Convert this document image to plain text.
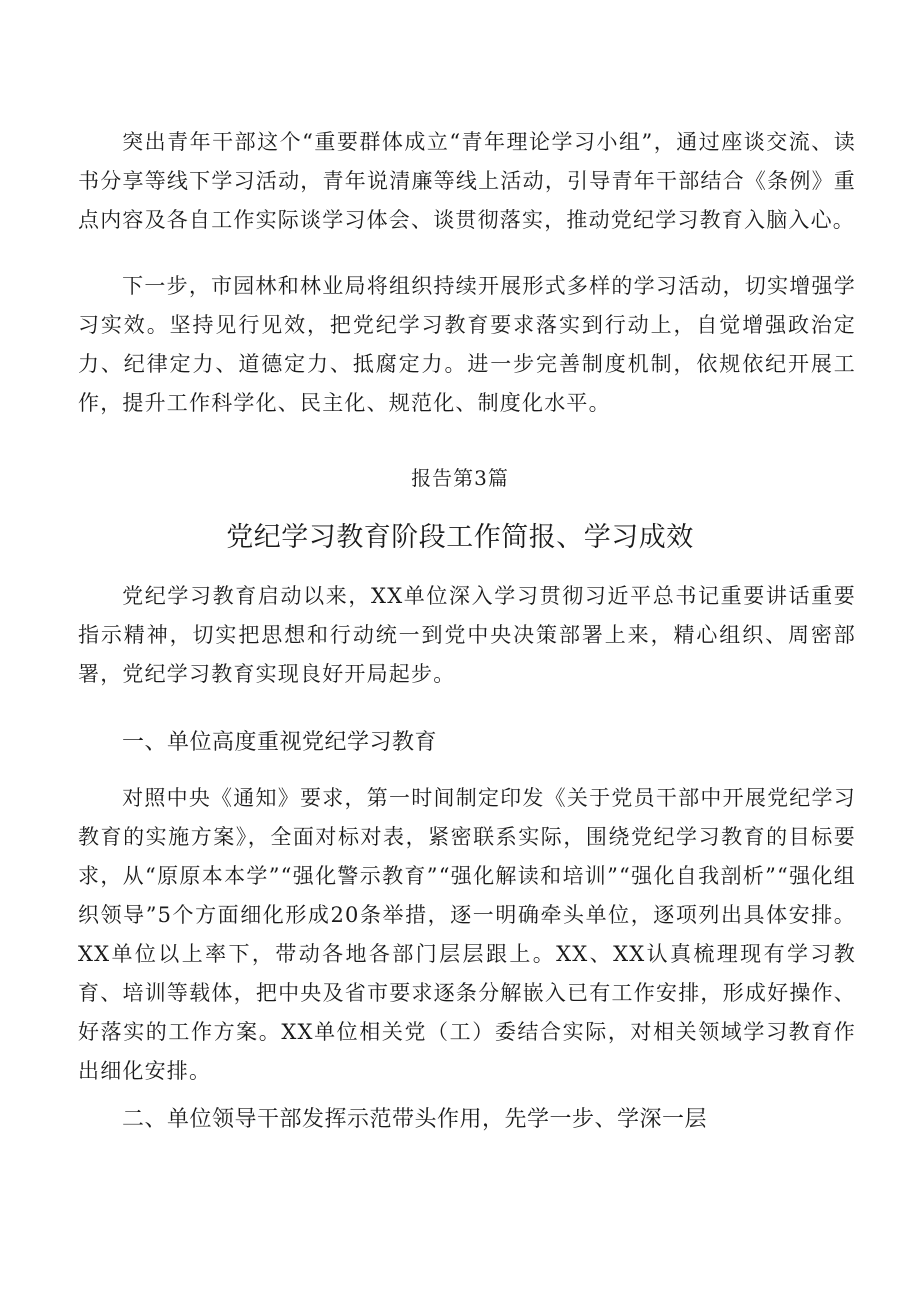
突出青年干部这个“重要群体成立“青年理论学习小组”，通过座谈交流、读书分享等线下学习活动，青年说清廉等线上活动，引导青年干部结合《条例》重点内容及各自工作实际谈学习体会、谈贯彻落实，推动党纪学习教育入脑入心。

下一步，市园林和林业局将组织持续开展形式多样的学习活动，切实增强学习实效。坚持见行见效，把党纪学习教育要求落实到行动上，自觉增强政治定力、纪律定力、道德定力、抵腐定力。进一步完善制度机制，依规依纪开展工作，提升工作科学化、民主化、规范化、制度化水平。

报告第3篇

党纪学习教育阶段工作简报、学习成效

党纪学习教育启动以来，XX单位深入学习贯彻习近平总书记重要讲话重要指示精神，切实把思想和行动统一到党中央决策部署上来，精心组织、周密部署，党纪学习教育实现良好开局起步。

一、单位高度重视党纪学习教育

对照中央《通知》要求，第一时间制定印发《关于党员干部中开展党纪学习教育的实施方案》，全面对标对表，紧密联系实际，围绕党纪学习教育的目标要求，从“原原本本学”“强化警示教育”“强化解读和培训”“强化自我剖析”“强化组织领导”5个方面细化形成20条举措，逐一明确牵头单位，逐项列出具体安排。XX单位以上率下，带动各地各部门层层跟上。XX、XX认真梳理现有学习教育、培训等载体，把中央及省市要求逐条分解嵌入已有工作安排，形成好操作、好落实的工作方案。XX单位相关党（工）委结合实际，对相关领域学习教育作出细化安排。

二、单位领导干部发挥示范带头作用，先学一步、学深一层
